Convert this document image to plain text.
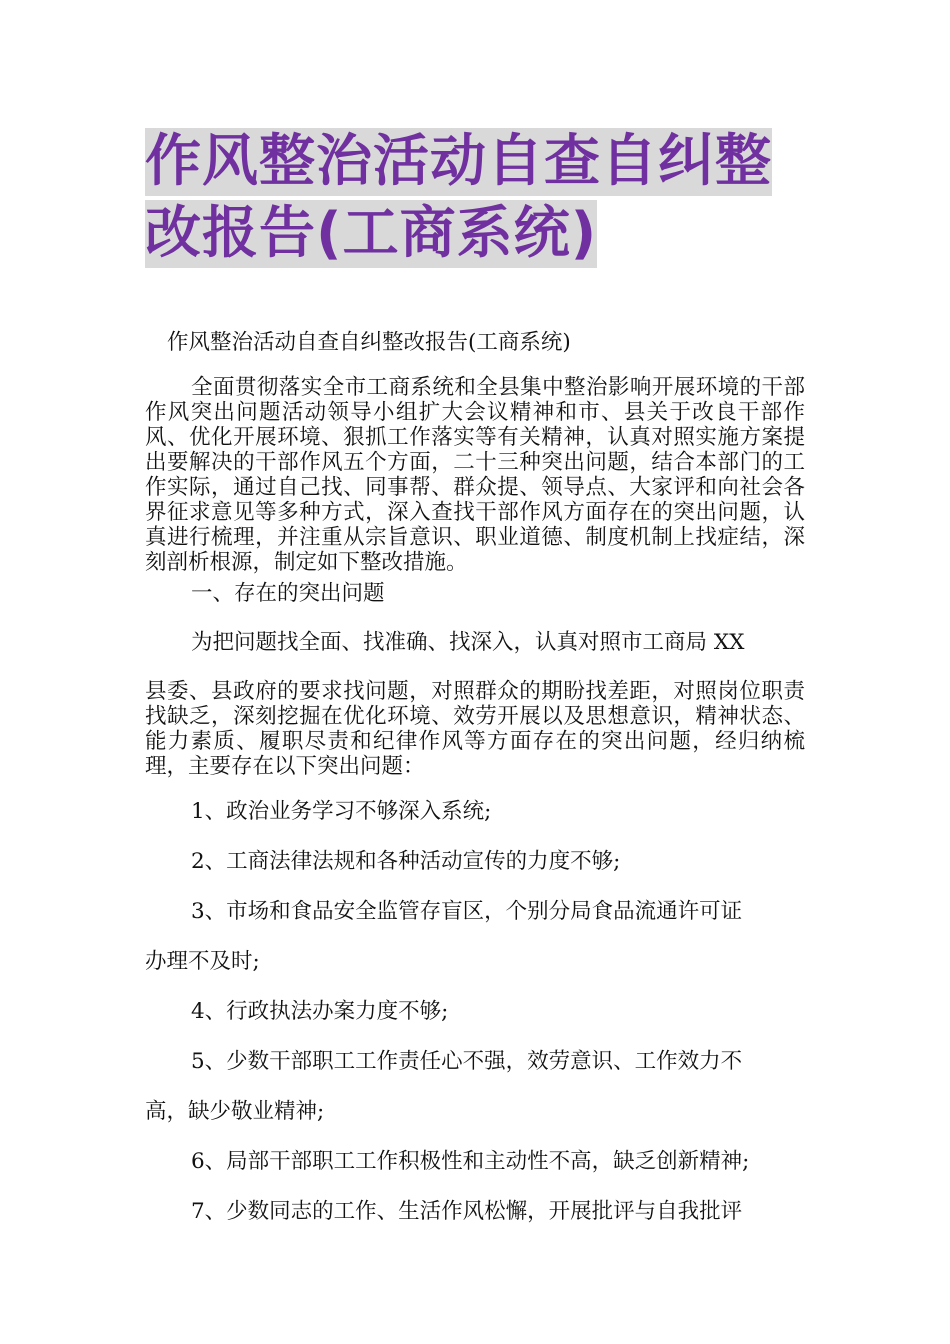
作风整治活动自查自纠整
改报告(工商系统)

作风整治活动自查自纠整改报告(工商系统)

全面贯彻落实全市工商系统和全县集中整治影响开展环境的干部作风突出问题活动领导小组扩大会议精神和市、县关于改良干部作风、优化开展环境、狠抓工作落实等有关精神，认真对照实施方案提出要解决的干部作风五个方面，二十三种突出问题，结合本部门的工作实际，通过自己找、同事帮、群众提、领导点、大家评和向社会各界征求意见等多种方式，深入查找干部作风方面存在的突出问题，认真进行梳理，并注重从宗旨意识、职业道德、制度机制上找症结，深刻剖析根源，制定如下整改措施。

一、存在的突出问题

为把问题找全面、找准确、找深入，认真对照市工商局 XX

县委、县政府的要求找问题，对照群众的期盼找差距，对照岗位职责找缺乏，深刻挖掘在优化环境、效劳开展以及思想意识，精神状态、能力素质、履职尽责和纪律作风等方面存在的突出问题，经归纳梳理，主要存在以下突出问题：

1、政治业务学习不够深入系统;

2、工商法律法规和各种活动宣传的力度不够;

3、市场和食品安全监管存盲区，个别分局食品流通许可证

办理不及时;

4、行政执法办案力度不够;

5、少数干部职工工作责任心不强，效劳意识、工作效力不

高，缺少敬业精神;

6、局部干部职工工作积极性和主动性不高，缺乏创新精神;

7、少数同志的工作、生活作风松懈，开展批评与自我批评
